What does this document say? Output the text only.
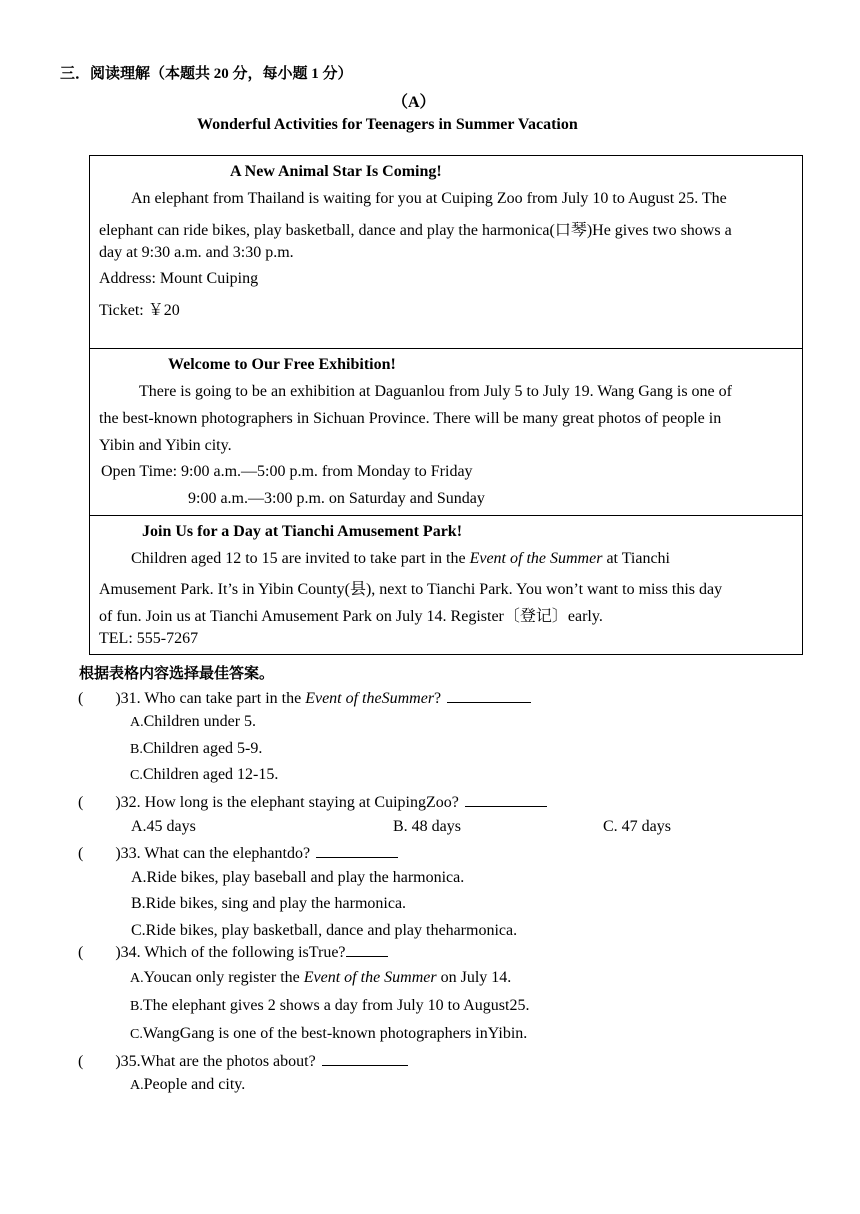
三．阅读理解（本题共 20 分，每小题 1 分）
（A）
Wonderful Activities for Teenagers in Summer Vacation
A New Animal Star Is Coming!
An elephant from Thailand is waiting for you at Cuiping Zoo from July 10 to August 25. The
elephant can ride bikes, play basketball, dance and play the harmonica(口琴)He gives two shows a
day at 9:30 a.m. and 3:30 p.m.
Address: Mount Cuiping
Ticket: ￥20
Welcome to Our Free Exhibition!
There is going to be an exhibition at Daguanlou from July 5 to July 19. Wang Gang is one of
the best-known photographers in Sichuan Province. There will be many great photos of people in
Yibin and Yibin city.
Open Time: 9:00 a.m.—5:00 p.m. from Monday to Friday
9:00 a.m.—3:00 p.m. on Saturday and Sunday
Join Us for a Day at Tianchi Amusement Park!
Children aged 12 to 15 are invited to take part in the Event of the Summer at Tianchi
Amusement Park. It’s in Yibin County(县), next to Tianchi Park. You won’t want to miss this day
of fun. Join us at Tianchi Amusement Park on July 14. Register〔登记〕early.
TEL: 555-7267
根据表格内容选择最佳答案。
( )31. Who can take part in the Event of theSummer?
A.Children under 5.
B.Children aged 5-9.
C.Children aged 12-15.
( )32. How long is the elephant staying at CuipingZoo?
A.45 days	B. 48 days	C. 47 days
( )33. What can the elephantdo?
A.Ride bikes, play baseball and play the harmonica.
B.Ride bikes, sing and play the harmonica.
C.Ride bikes, play basketball, dance and play theharmonica.
( )34. Which of the following isTrue?
A.Youcan only register the Event of the Summer on July 14.
B.The elephant gives 2 shows a day from July 10 to August25.
C.WangGang is one of the best-known photographers inYibin.
( )35.What are the photos about?
A.People and city.
